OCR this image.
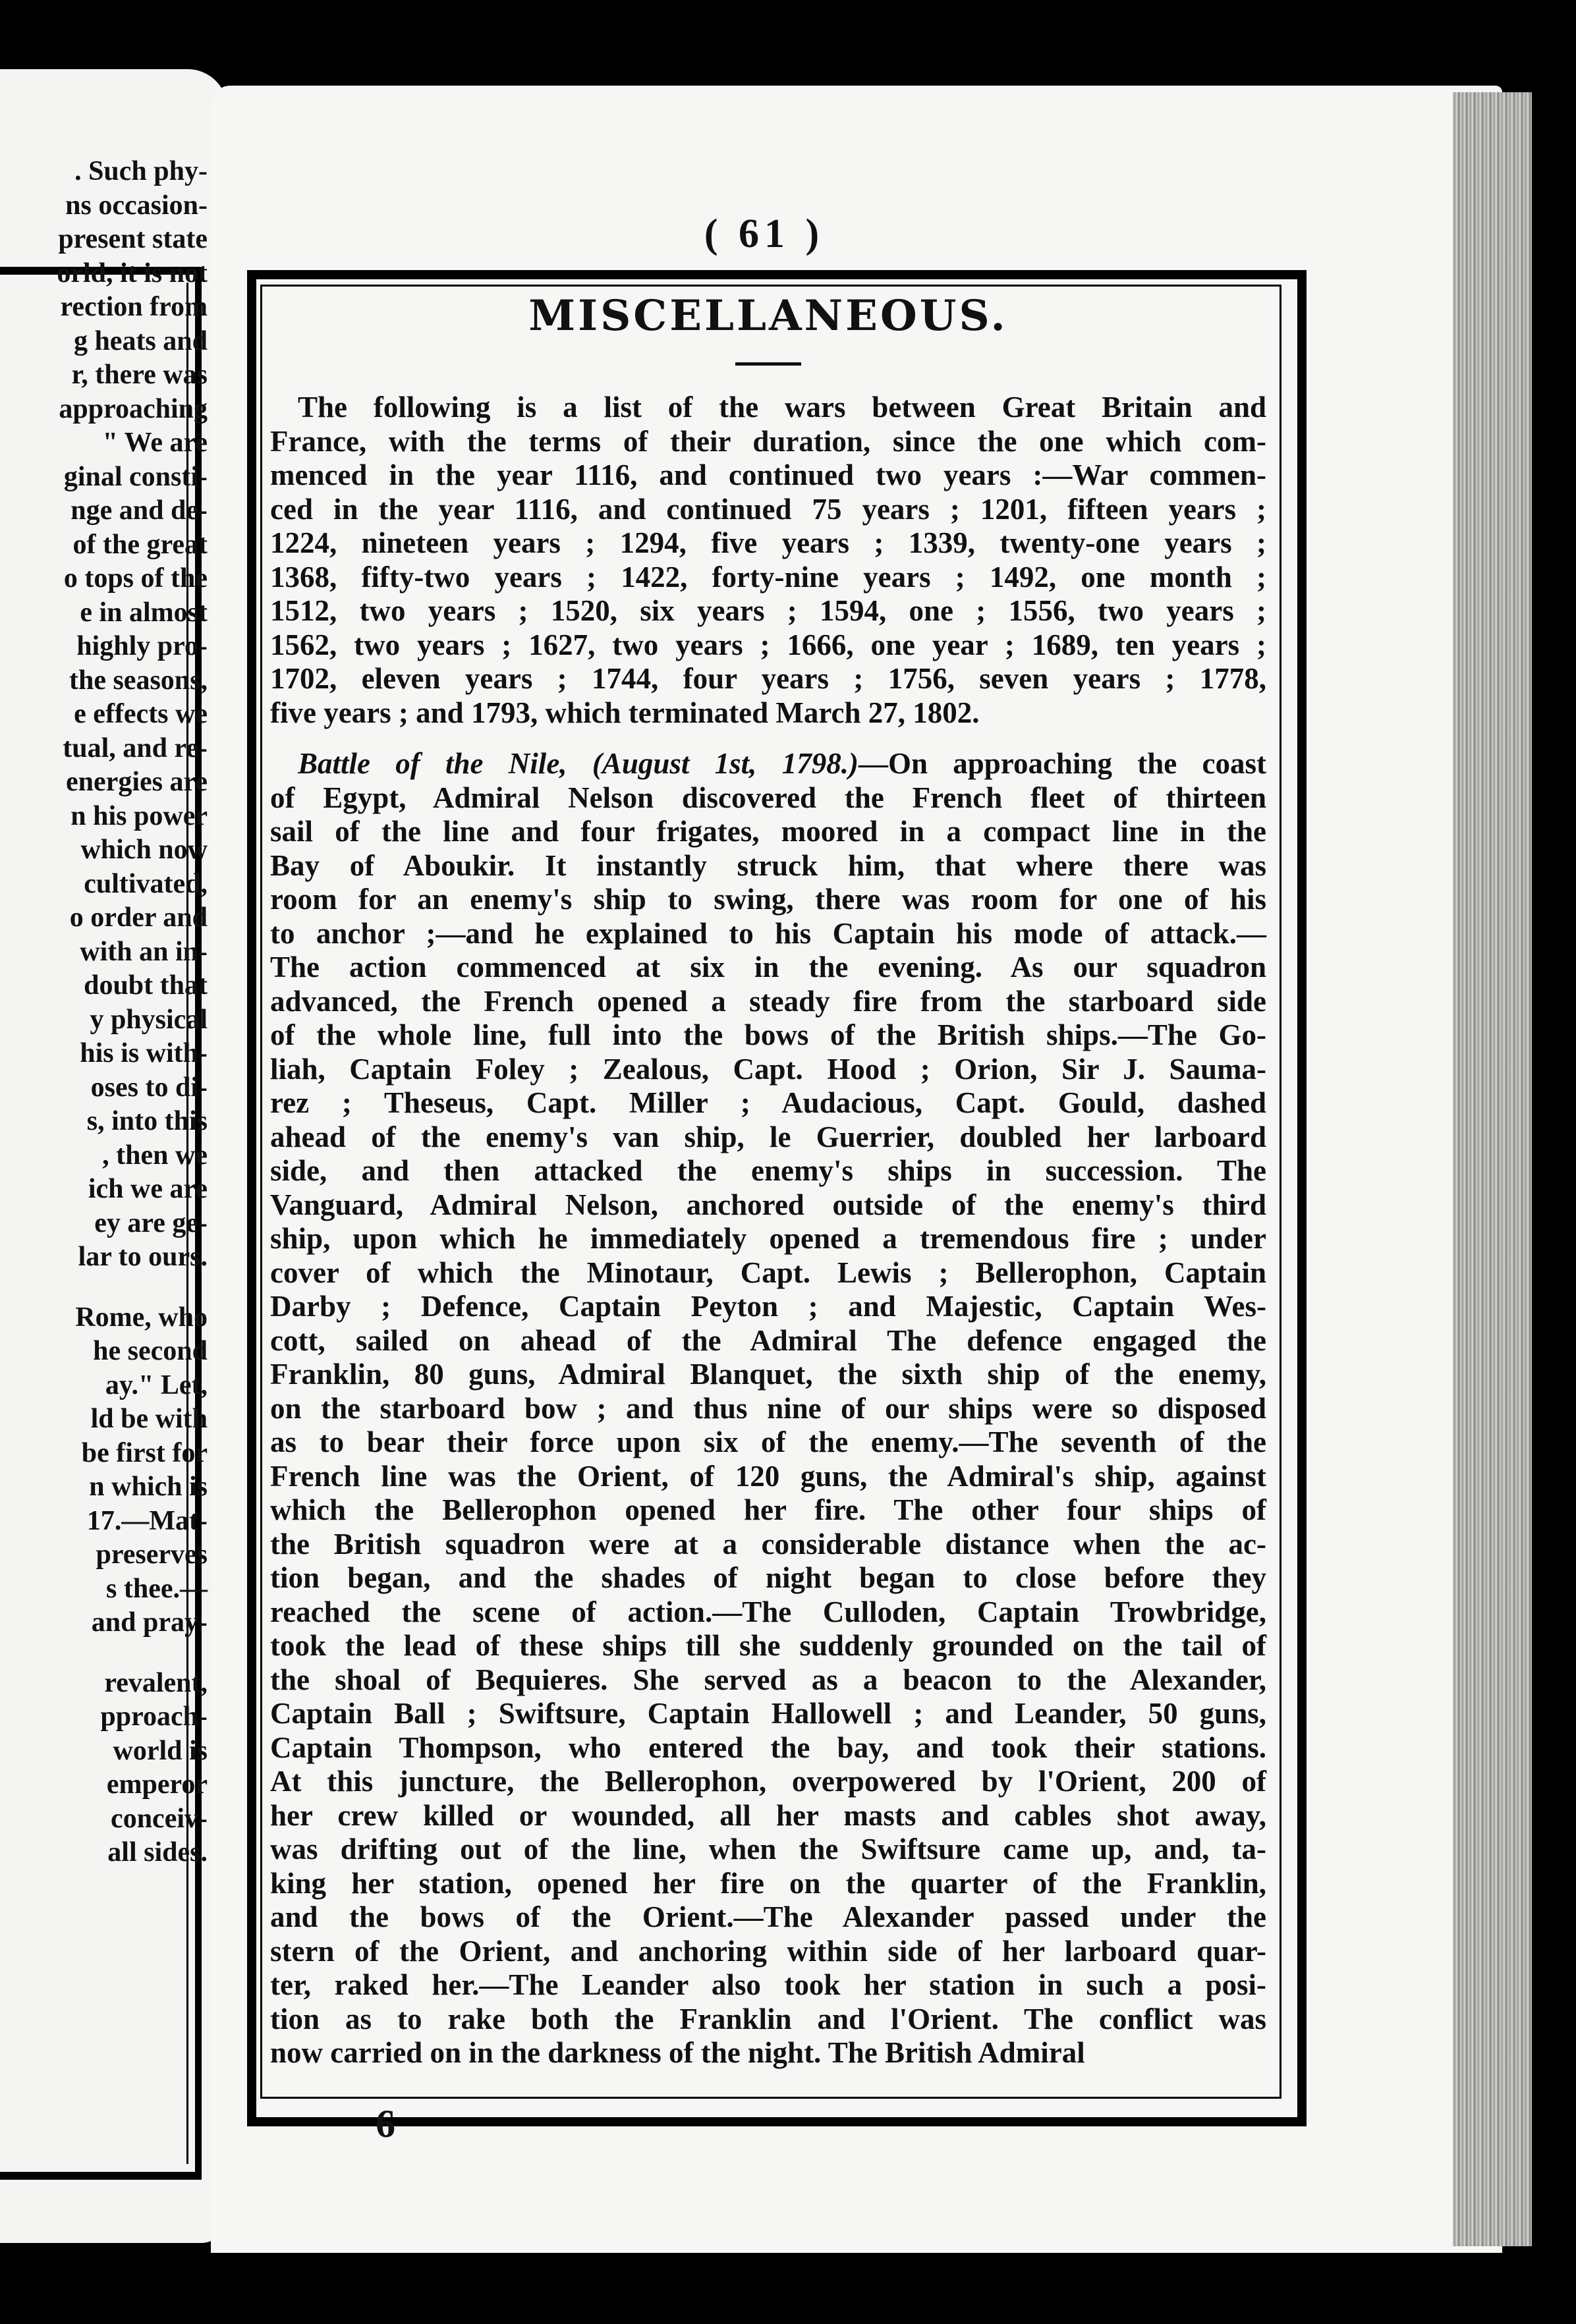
. Such phy-
ns occasion-
present state
orld, it is not
rection from
g heats and
r, there was
approaching
" We are
ginal consti-
nge and de-
of the great
o tops of the
e in almost
highly pro-
the seasons,
e effects we
tual, and re-
energies are
n his power
which now
cultivated,
o order and
with an in-
doubt that
y physical
his is with-
oses to di-
s, into this
, then we
ich we are
ey are ge-
lar to ours.
Rome, who
he second
ay." Let,
ld be with
be first for
n which is
17.—Mat-
preserves
s thee.—
and pray-
revalent,
pproach-
world is
emperor
conceiv-
all sides.
( 61 )
MISCELLANEOUS.
The following is a list of the wars between Great Britain and
France, with the terms of their duration, since the one which com-
menced in the year 1116, and continued two years :—War commen-
ced in the year 1116, and continued 75 years ; 1201, fifteen years ;
1224, nineteen years ; 1294, five years ; 1339, twenty-one years ;
1368, fifty-two years ; 1422, forty-nine years ; 1492, one month ;
1512, two years ; 1520, six years ; 1594, one ; 1556, two years ;
1562, two years ; 1627, two years ; 1666, one year ; 1689, ten years ;
1702, eleven years ; 1744, four years ; 1756, seven years ; 1778,
five years ; and 1793, which terminated March 27, 1802.
Battle of the Nile, (August 1st, 1798.)—On approaching the coast
of Egypt, Admiral Nelson discovered the French fleet of thirteen
sail of the line and four frigates, moored in a compact line in the
Bay of Aboukir. It instantly struck him, that where there was
room for an enemy's ship to swing, there was room for one of his
to anchor ;—and he explained to his Captain his mode of attack.—
The action commenced at six in the evening. As our squadron
advanced, the French opened a steady fire from the starboard side
of the whole line, full into the bows of the British ships.—The Go-
liah, Captain Foley ; Zealous, Capt. Hood ; Orion, Sir J. Sauma-
rez ; Theseus, Capt. Miller ; Audacious, Capt. Gould, dashed
ahead of the enemy's van ship, le Guerrier, doubled her larboard
side, and then attacked the enemy's ships in succession. The
Vanguard, Admiral Nelson, anchored outside of the enemy's third
ship, upon which he immediately opened a tremendous fire ; under
cover of which the Minotaur, Capt. Lewis ; Bellerophon, Captain
Darby ; Defence, Captain Peyton ; and Majestic, Captain Wes-
cott, sailed on ahead of the Admiral The defence engaged the
Franklin, 80 guns, Admiral Blanquet, the sixth ship of the enemy,
on the starboard bow ; and thus nine of our ships were so disposed
as to bear their force upon six of the enemy.—The seventh of the
French line was the Orient, of 120 guns, the Admiral's ship, against
which the Bellerophon opened her fire. The other four ships of
the British squadron were at a considerable distance when the ac-
tion began, and the shades of night began to close before they
reached the scene of action.—The Culloden, Captain Trowbridge,
took the lead of these ships till she suddenly grounded on the tail of
the shoal of Bequieres. She served as a beacon to the Alexander,
Captain Ball ; Swiftsure, Captain Hallowell ; and Leander, 50 guns,
Captain Thompson, who entered the bay, and took their stations.
At this juncture, the Bellerophon, overpowered by l'Orient, 200 of
her crew killed or wounded, all her masts and cables shot away,
was drifting out of the line, when the Swiftsure came up, and, ta-
king her station, opened her fire on the quarter of the Franklin,
and the bows of the Orient.—The Alexander passed under the
stern of the Orient, and anchoring within side of her larboard quar-
ter, raked her.—The Leander also took her station in such a posi-
tion as to rake both the Franklin and l'Orient. The conflict was
now carried on in the darkness of the night. The British Admiral
6
